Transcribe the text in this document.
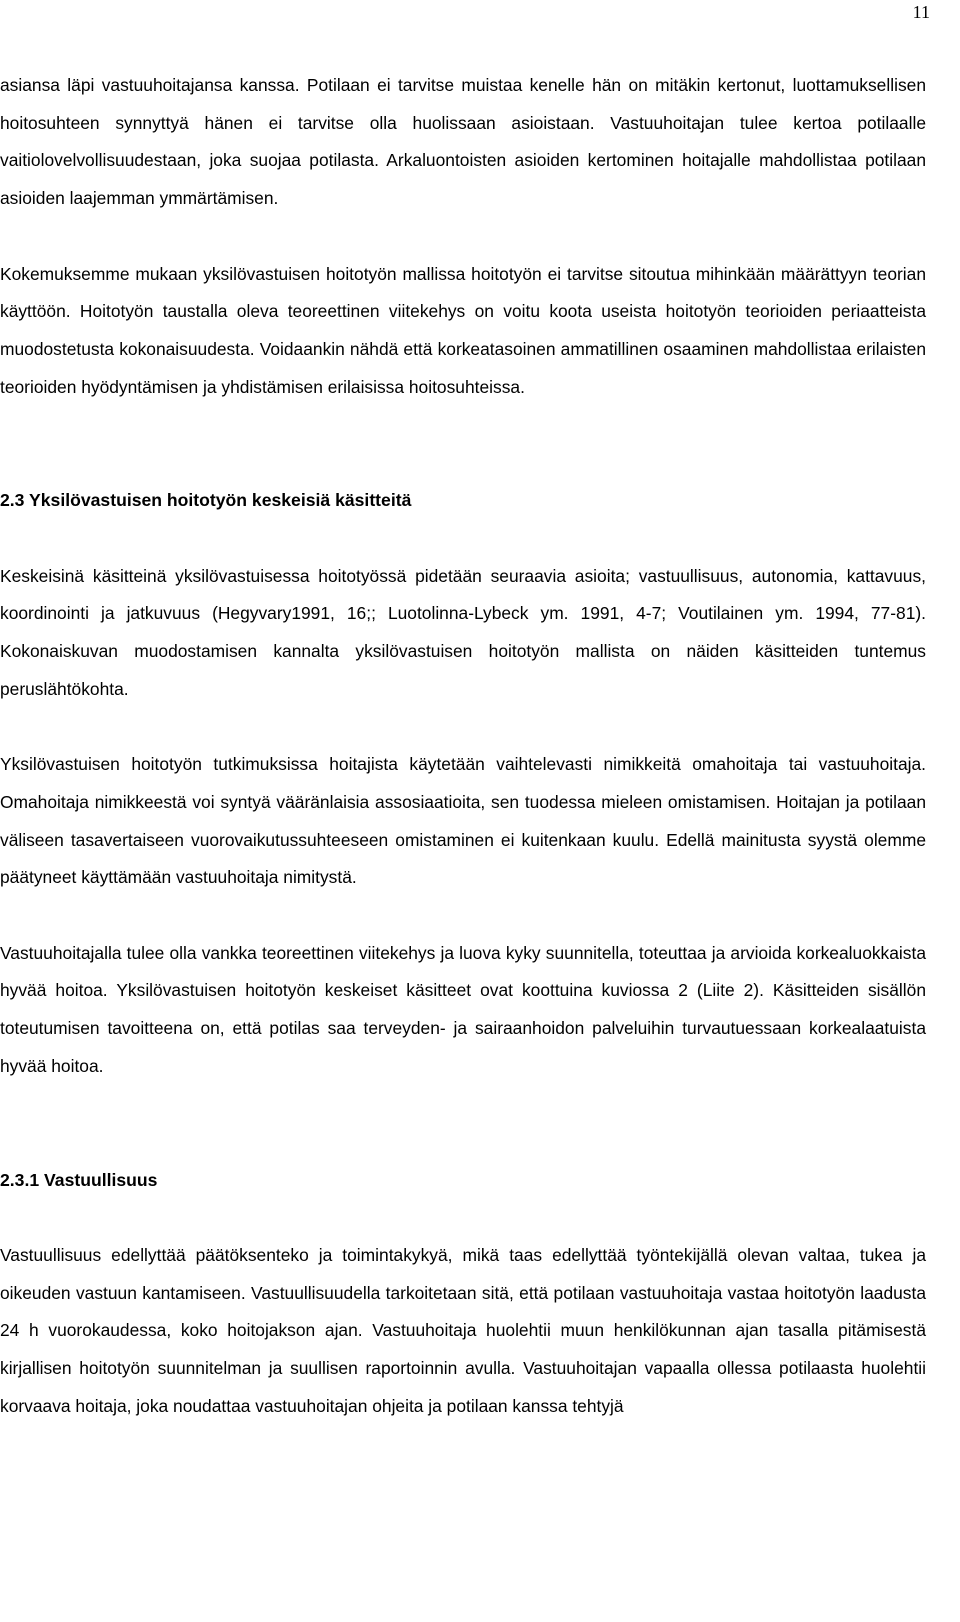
11

asiansa läpi vastuuhoitajansa kanssa. Potilaan ei tarvitse muistaa kenelle hän on mitäkin kertonut, luottamuksellisen hoitosuhteen synnyttyä hänen ei tarvitse olla huolissaan asioistaan. Vastuuhoitajan tulee kertoa potilaalle vaitiolovelvollisuudestaan, joka suojaa potilasta. Arkaluontoisten asioiden kertominen hoitajalle mahdollistaa potilaan asioiden laajemman ymmärtämisen.

Kokemuksemme mukaan yksilövastuisen hoitotyön mallissa hoitotyön ei tarvitse sitoutua mihinkään määrättyyn teorian käyttöön. Hoitotyön taustalla oleva teoreettinen viitekehys on voitu koota useista hoitotyön teorioiden periaatteista muodostetusta kokonaisuudesta. Voidaankin nähdä että korkeatasoinen ammatillinen osaaminen mahdollistaa erilaisten teorioiden hyödyntämisen ja yhdistämisen erilaisissa hoitosuhteissa.

2.3 Yksilövastuisen hoitotyön keskeisiä käsitteitä

Keskeisinä käsitteinä yksilövastuisessa hoitotyössä pidetään seuraavia asioita; vastuullisuus, autonomia, kattavuus, koordinointi ja jatkuvuus (Hegyvary1991, 16;; Luotolinna-Lybeck ym. 1991, 4-7; Voutilainen ym. 1994, 77-81). Kokonaiskuvan muodostamisen kannalta yksilövastuisen hoitotyön mallista on näiden käsitteiden tuntemus peruslähtökohta.

Yksilövastuisen hoitotyön tutkimuksissa hoitajista käytetään vaihtelevasti nimikkeitä omahoitaja tai vastuuhoitaja. Omahoitaja nimikkeestä voi syntyä vääränlaisia assosiaatioita, sen tuodessa mieleen omistamisen. Hoitajan ja potilaan väliseen tasavertaiseen vuorovaikutussuhteeseen omistaminen ei kuitenkaan kuulu. Edellä mainitusta syystä olemme päätyneet käyttämään vastuuhoitaja nimitystä.

Vastuuhoitajalla tulee olla vankka teoreettinen viitekehys ja luova kyky suunnitella, toteuttaa ja arvioida korkealuokkaista hyvää hoitoa. Yksilövastuisen hoitotyön keskeiset käsitteet ovat koottuina kuviossa 2 (Liite 2). Käsitteiden sisällön toteutumisen tavoitteena on, että potilas saa terveyden- ja sairaanhoidon palveluihin turvautuessaan korkealaatuista hyvää hoitoa.

2.3.1 Vastuullisuus

Vastuullisuus edellyttää päätöksenteko ja toimintakykyä, mikä taas edellyttää työntekijällä olevan valtaa, tukea ja oikeuden vastuun kantamiseen. Vastuullisuudella tarkoitetaan sitä, että potilaan vastuuhoitaja vastaa hoitotyön laadusta 24 h vuorokaudessa, koko hoitojakson ajan. Vastuuhoitaja huolehtii muun henkilökunnan ajan tasalla pitämisestä kirjallisen hoitotyön suunnitelman ja suullisen raportoinnin avulla. Vastuuhoitajan vapaalla ollessa potilaasta huolehtii korvaava hoitaja, joka noudattaa vastuuhoitajan ohjeita ja potilaan kanssa tehtyjä
